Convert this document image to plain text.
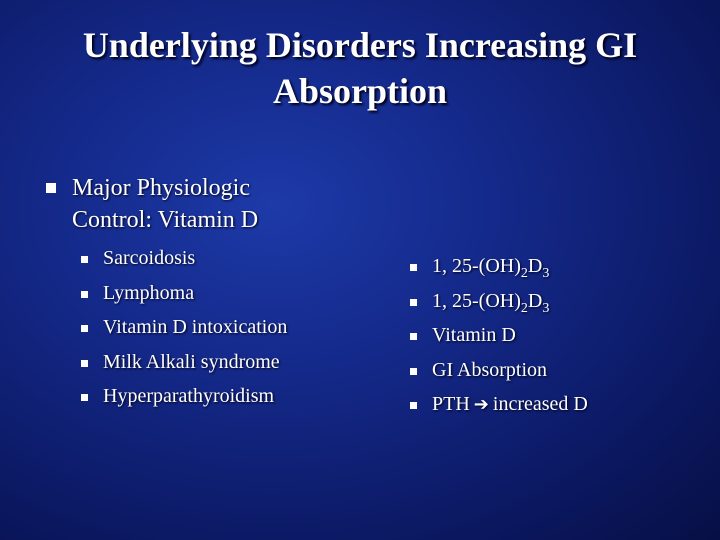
Underlying Disorders Increasing GI Absorption
Major Physiologic Control: Vitamin D
Sarcoidosis
Lymphoma
Vitamin D intoxication
Milk Alkali syndrome
Hyperparathyroidism
1, $25-(OH)_2D_3$
1, $25-(OH)_2D_3$
Vitamin D
GI Absorption
PTH ➔ increased D
